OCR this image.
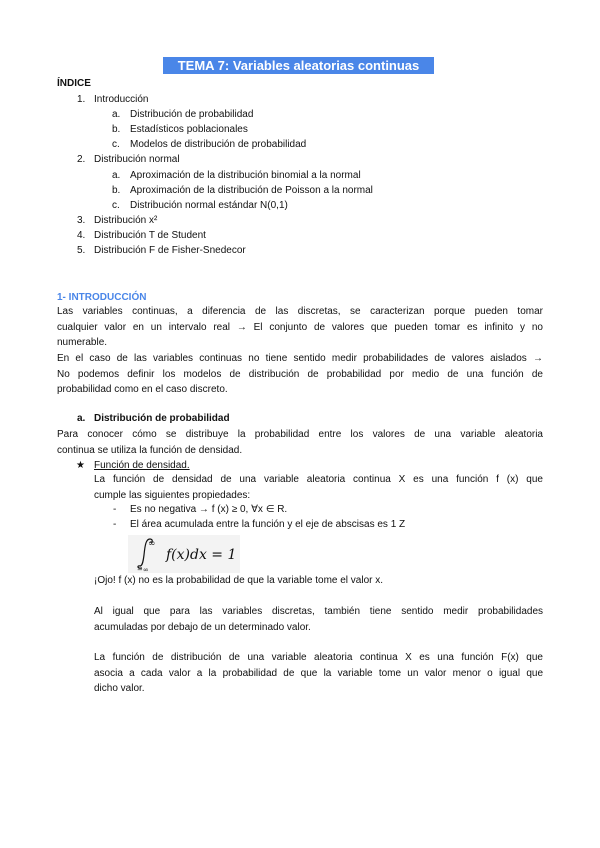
TEMA 7: Variables aleatorias continuas
ÍNDICE
1. Introducción
a. Distribución de probabilidad
b. Estadísticos poblacionales
c. Modelos de distribución de probabilidad
2. Distribución normal
a. Aproximación de la distribución binomial a la normal
b. Aproximación de la distribución de Poisson a la normal
c. Distribución normal estándar N(0,1)
3. Distribución x²
4. Distribución T de Student
5. Distribución F de Fisher-Snedecor
1- INTRODUCCIÓN
Las variables continuas, a diferencia de las discretas, se caracterizan porque pueden tomar
cualquier valor en un intervalo real → El conjunto de valores que pueden tomar es infinito y no
numerable.
En el caso de las variables continuas no tiene sentido medir probabilidades de valores aislados →
No podemos definir los modelos de distribución de probabilidad por medio de una función de
probabilidad como en el caso discreto.
a. Distribución de probabilidad
Para conocer cómo se distribuye la probabilidad entre los valores de una variable aleatoria
continua se utiliza la función de densidad.
★ Función de densidad.
La función de densidad de una variable aleatoria continua X es una función f (x) que
cumple las siguientes propiedades:
- Es no negativa → f (x) ≥ 0, ∀x ∈ R.
- El área acumulada entre la función y el eje de abscisas es 1 Z
∞
−∞
f(x)dx = 1
¡Ojo! f (x) no es la probabilidad de que la variable tome el valor x.
Al igual que para las variables discretas, también tiene sentido medir probabilidades
acumuladas por debajo de un determinado valor.
La función de distribución de una variable aleatoria continua X es una función F(x) que
asocia a cada valor a la probabilidad de que la variable tome un valor menor o igual que
dicho valor.
